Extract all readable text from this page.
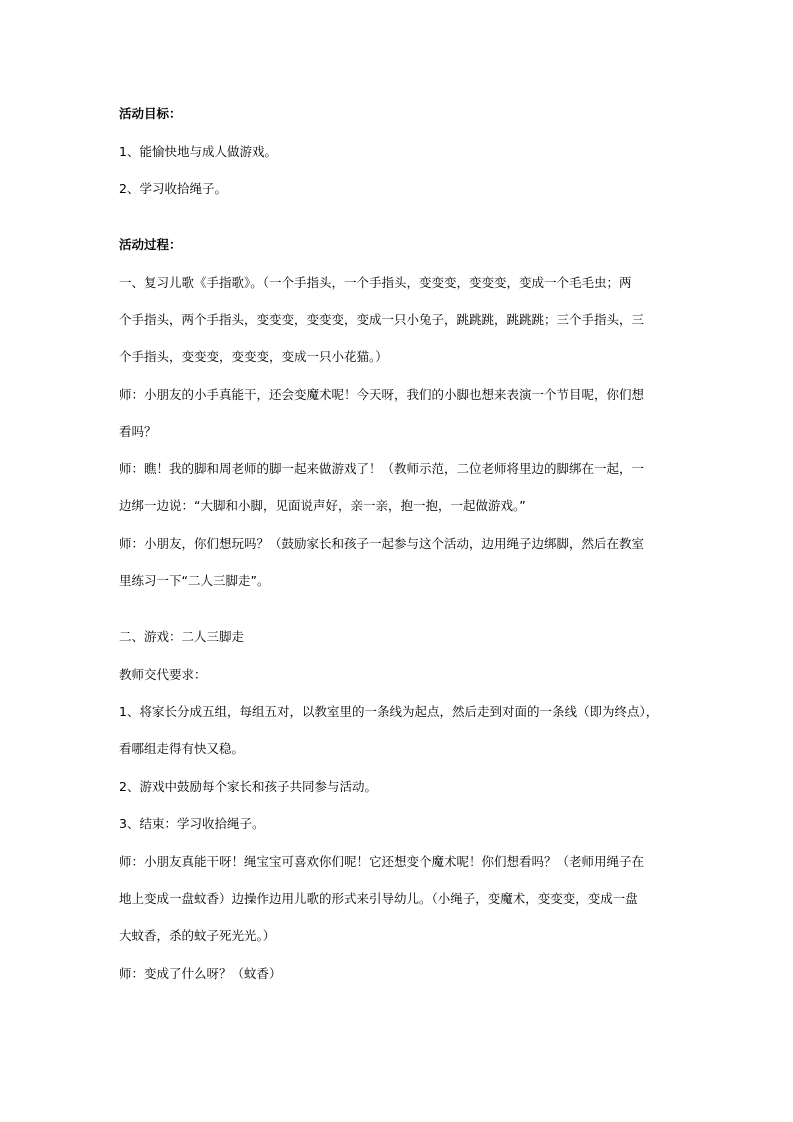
活动目标：
1、能愉快地与成人做游戏。
2、学习收拾绳子。
活动过程：
一、复习儿歌《手指歌》。（一个手指头，一个手指头，变变变，变变变，变成一个毛毛虫；两
个手指头，两个手指头，变变变，变变变，变成一只小兔子，跳跳跳，跳跳跳；三个手指头，三
个手指头，变变变，变变变，变成一只小花猫。）
师：小朋友的小手真能干，还会变魔术呢！今天呀，我们的小脚也想来表演一个节目呢，你们想
看吗？
师：瞧！我的脚和周老师的脚一起来做游戏了！（教师示范，二位老师将里边的脚绑在一起，一
边绑一边说：“大脚和小脚，见面说声好，亲一亲，抱一抱，一起做游戏。”
师：小朋友，你们想玩吗？（鼓励家长和孩子一起参与这个活动，边用绳子边绑脚，然后在教室
里练习一下“二人三脚走”。
二、游戏：二人三脚走
教师交代要求：
1、将家长分成五组，每组五对，以教室里的一条线为起点，然后走到对面的一条线（即为终点），
看哪组走得有快又稳。
2、游戏中鼓励每个家长和孩子共同参与活动。
3、结束：学习收拾绳子。
师：小朋友真能干呀！绳宝宝可喜欢你们呢！它还想变个魔术呢！你们想看吗？（老师用绳子在
地上变成一盘蚊香）边操作边用儿歌的形式来引导幼儿。（小绳子，变魔术，变变变，变成一盘
大蚊香，杀的蚊子死光光。）
师：变成了什么呀？（蚊香）
